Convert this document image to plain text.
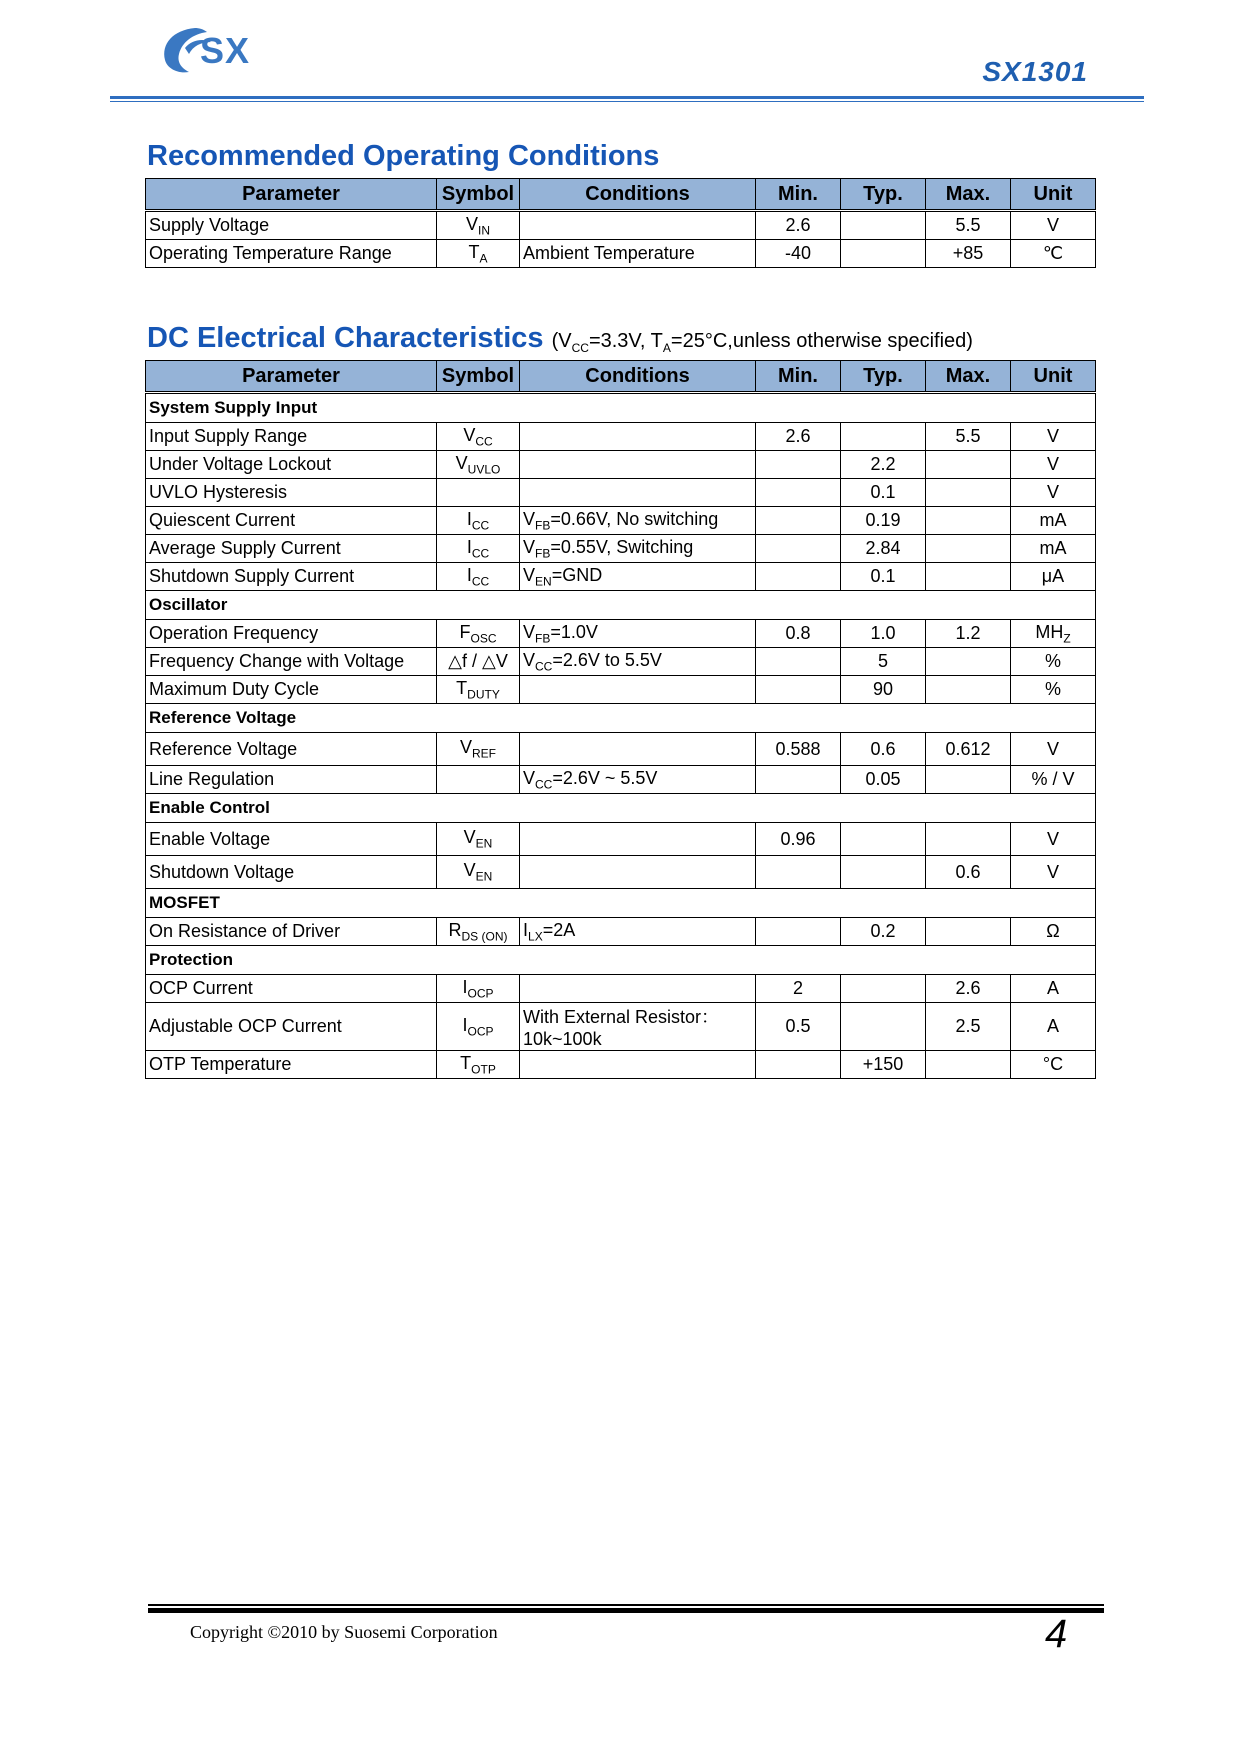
SX
SX1301
Recommended Operating Conditions
Parameter	Symbol	Conditions	Min.	Typ.	Max.	Unit
Supply Voltage	$V_{IN}$		2.6		5.5	V
Operating Temperature Range	$T_A$	Ambient Temperature	-40		+85	℃
DC Electrical Characteristics ($V_{CC}=3.3V$, $T_A=25^\circ C,unless$ otherwise specified)
Parameter	Symbol	Conditions	Min.	Typ.	Max.	Unit
System Supply Input						
Input Supply Range	$V_{CC}$		2.6		5.5	V
Under Voltage Lockout	$V_{UVLO}$			2.2		V
UVLO Hysteresis				0.1		V
Quiescent Current	$I_{CC}$	$V_{FB}=0.66V$, No switching		0.19		mA
Average Supply Current	$I_{CC}$	$V_{FB}=0.55V$, Switching		2.84		mA
Shutdown Supply Current	$I_{CC}$	$V_{EN}=GND$		0.1		μA
Oscillator						
Operation Frequency	$F_{OSC}$	$V_{FB}=1.0V$	0.8	1.0	1.2	$MH_Z$
Frequency Change with Voltage	△f / △V	$V_{CC}=2.6V$ to 5.5V		5		%
Maximum Duty Cycle	$T_{DUTY}$			90		%
Reference Voltage						
Reference Voltage	$V_{REF}$		0.588	0.6	0.612	V
Line Regulation		$V_{CC}=2.6V$ ~ 5.5V		0.05		% / V
Enable Control						
Enable Voltage	$V_{EN}$		0.96			V
Shutdown Voltage	$V_{EN}$				0.6	V
MOSFET						
On Resistance of Driver	$R_{DS (ON)}$	$I_{LX}=2A$		0.2		Ω
Protection						
OCP Current	$I_{OCP}$		2		2.6	A
Adjustable OCP Current	$I_{OCP}$	With External Resistor：
10k~100k	0.5		2.5	A
OTP Temperature	$T_{OTP}$			+150		°C
Copyright ©2010 by Suosemi Corporation	4
